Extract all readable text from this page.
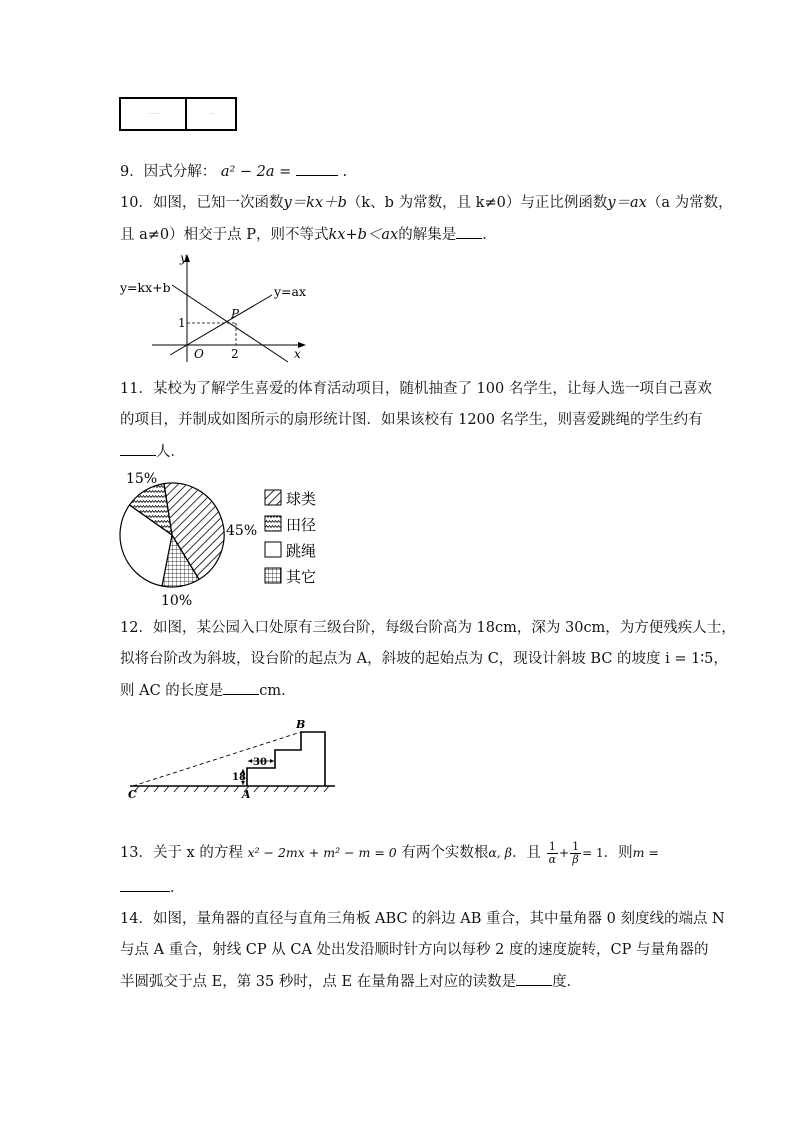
……	…
9．因式分解： a² − 2a =	.
10．如图，已知一次函数y＝kx＋b（k、b 为常数，且 k≠0）与正比例函数y＝ax（a 为常数，
且 a≠0）相交于点 P，则不等式kx+b＜ax的解集是 ．
y
x
O
P
1
2
y=kx+b	y=ax
11．某校为了解学生喜爱的体育活动项目，随机抽查了 100 名学生，让每人选一项自己喜欢
的项目，并制成如图所示的扇形统计图．如果该校有 1200 名学生，则喜爱跳绳的学生约有
人．
15%
45%
10%
球类
田径
跳绳
其它
12．如图，某公园入口处原有三级台阶，每级台阶高为 18cm，深为 30cm，为方便残疾人士，
拟将台阶改为斜坡，设台阶的起点为 A，斜坡的起始点为 C，现设计斜坡 BC 的坡度 i = 1∶5，
则 AC 的长度是 cm．
30
18
B
C	A
13．关于 x 的方程 x² − 2mx + m² − m = 0 有两个实数根α, β．且 $\frac{1}{\alpha} + \frac{1}{\beta} = 1$．则m =
．
14．如图，量角器的直径与直角三角板 ABC 的斜边 AB 重合，其中量角器 0 刻度线的端点 N
与点 A 重合，射线 CP 从 CA 处出发沿顺时针方向以每秒 2 度的速度旋转，CP 与量角器的
半圆弧交于点 E，第 35 秒时，点 E 在量角器上对应的读数是 度．
